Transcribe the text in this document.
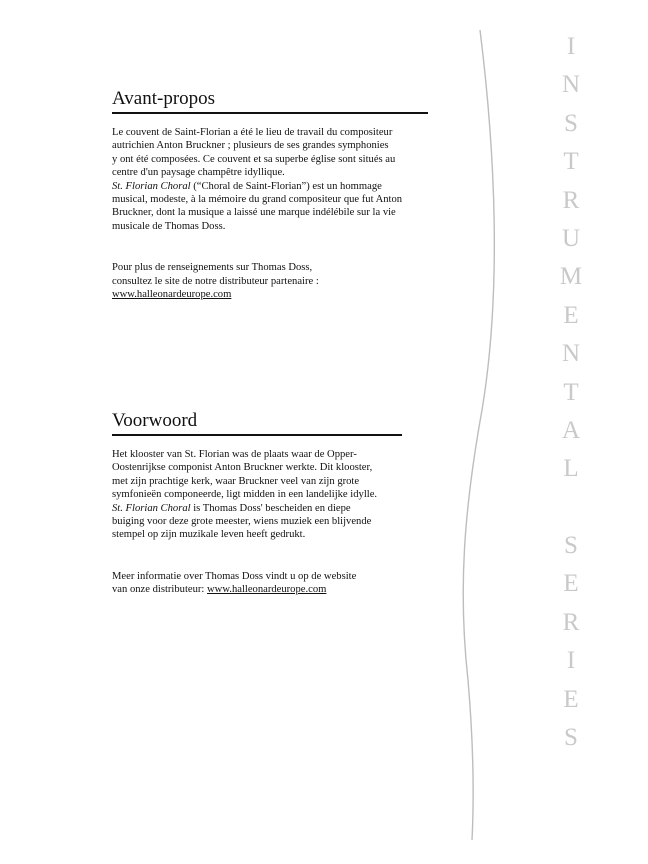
Avant-propos

Le couvent de Saint-Florian a été le lieu de travail du compositeur
autrichien Anton Bruckner ; plusieurs de ses grandes symphonies
y ont été composées. Ce couvent et sa superbe église sont situés au
centre d'un paysage champêtre idyllique.
St. Florian Choral (“Choral de Saint-Florian”) est un hommage
musical, modeste, à la mémoire du grand compositeur que fut Anton
Bruckner, dont la musique a laissé une marque indélébile sur la vie
musicale de Thomas Doss.

Pour plus de renseignements sur Thomas Doss,
consultez le site de notre distributeur partenaire :
www.halleonardeurope.com

Voorwoord

Het klooster van St. Florian was de plaats waar de Opper-
Oostenrijkse componist Anton Bruckner werkte. Dit klooster,
met zijn prachtige kerk, waar Bruckner veel van zijn grote
symfonieën componeerde, ligt midden in een landelijke idylle.
St. Florian Choral is Thomas Doss' bescheiden en diepe
buiging voor deze grote meester, wiens muziek een blijvende
stempel op zijn muzikale leven heeft gedrukt.

Meer informatie over Thomas Doss vindt u op de website
van onze distributeur: www.halleonardeurope.com

I
N
S
T
R
U
M
E
N
T
A
L
S
E
R
I
E
S
